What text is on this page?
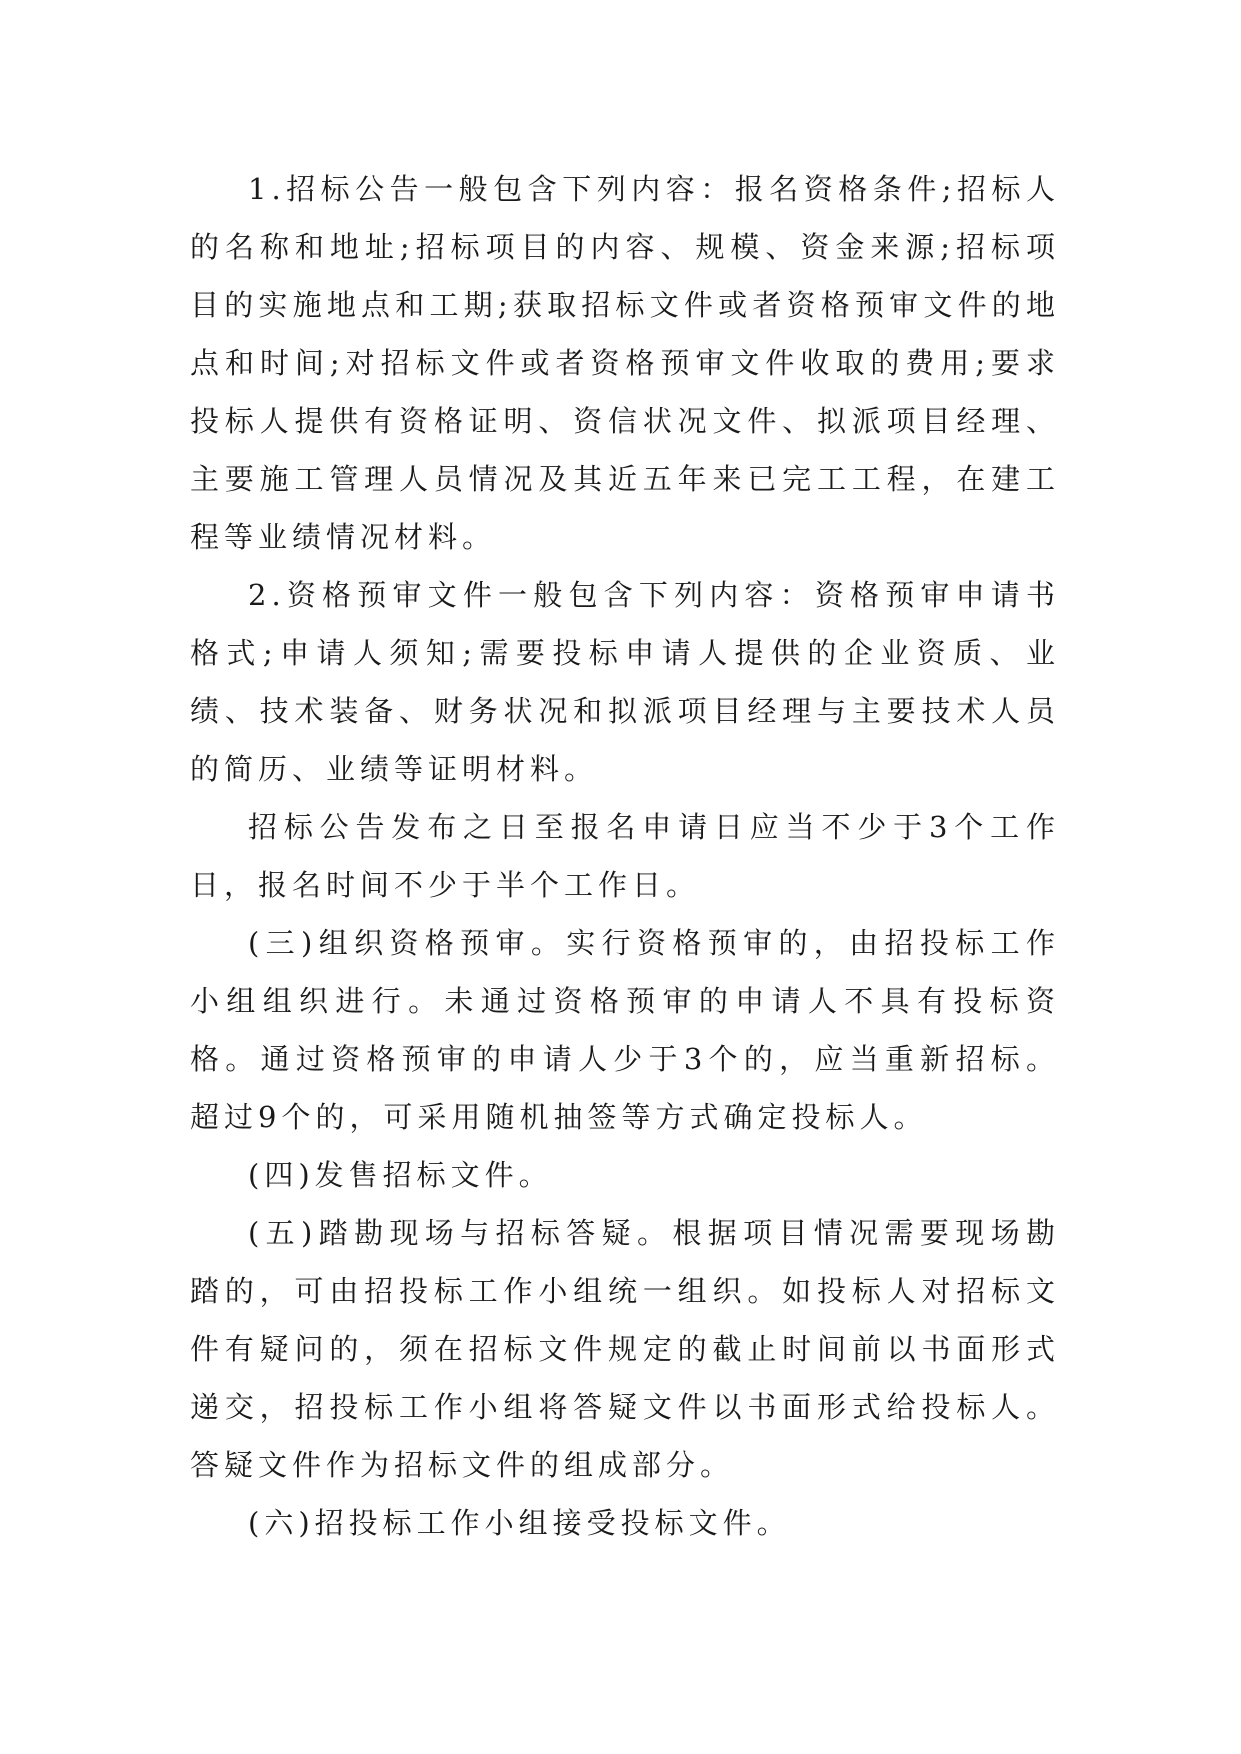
1.招标公告一般包含下列内容：报名资格条件;招标人的名称和地址;招标项目的内容、规模、资金来源;招标项目的实施地点和工期;获取招标文件或者资格预审文件的地点和时间;对招标文件或者资格预审文件收取的费用;要求投标人提供有资格证明、资信状况文件、拟派项目经理、主要施工管理人员情况及其近五年来已完工工程，在建工程等业绩情况材料。

2.资格预审文件一般包含下列内容：资格预审申请书格式;申请人须知;需要投标申请人提供的企业资质、业绩、技术装备、财务状况和拟派项目经理与主要技术人员的简历、业绩等证明材料。

招标公告发布之日至报名申请日应当不少于3个工作日，报名时间不少于半个工作日。

(三)组织资格预审。实行资格预审的，由招投标工作小组组织进行。未通过资格预审的申请人不具有投标资格。通过资格预审的申请人少于3个的，应当重新招标。超过9个的，可采用随机抽签等方式确定投标人。

(四)发售招标文件。

(五)踏勘现场与招标答疑。根据项目情况需要现场勘踏的，可由招投标工作小组统一组织。如投标人对招标文件有疑问的，须在招标文件规定的截止时间前以书面形式递交，招投标工作小组将答疑文件以书面形式给投标人。答疑文件作为招标文件的组成部分。

(六)招投标工作小组接受投标文件。
